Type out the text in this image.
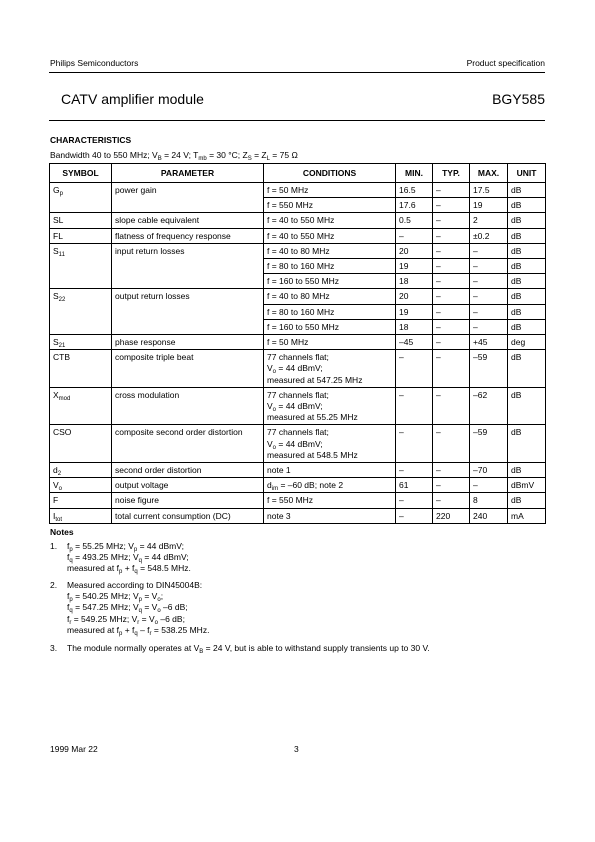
Philips Semiconductors	Product specification
CATV amplifier module	BGY585
CHARACTERISTICS
Bandwidth 40 to 550 MHz; $V_B = 24$ V; $T_{mb} = 30$ °C; $Z_S = Z_L = 75$ Ω
SYMBOL	PARAMETER	CONDITIONS	MIN.	TYP.	MAX.	UNIT
$G_p$	power gain	f = 50 MHz	16.5	–	17.5	dB
		f = 550 MHz	17.6	–	19	dB
SL	slope cable equivalent	f = 40 to 550 MHz	0.5	–	2	dB
FL	flatness of frequency response	f = 40 to 550 MHz	–	–	±0.2	dB
$S_{11}$	input return losses	f = 40 to 80 MHz	20	–	–	dB
		f = 80 to 160 MHz	19	–	–	dB
		f = 160 to 550 MHz	18	–	–	dB
$S_{22}$	output return losses	f = 40 to 80 MHz	20	–	–	dB
		f = 80 to 160 MHz	19	–	–	dB
		f = 160 to 550 MHz	18	–	–	dB
$S_{21}$	phase response	f = 50 MHz	–45	–	+45	deg
CTB	composite triple beat	77 channels flat;
$V_o = 44$ dBmV;
measured at 547.25 MHz	–	–	–59	dB
$X_{mod}$	cross modulation	77 channels flat;
$V_o = 44$ dBmV;
measured at 55.25 MHz	–	–	–62	dB
CSO	composite second order distortion	77 channels flat;
$V_o = 44$ dBmV;
measured at 548.5 MHz	–	–	–59	dB
$d_2$	second order distortion	note 1	–	–	–70	dB
$V_o$	output voltage	$d_{im} = -60$ dB; note 2	61	–	–	dBmV
F	noise figure	f = 550 MHz	–	–	8	dB
$I_{tot}$	total current consumption (DC)	note 3	–	220	240	mA
Notes
1. $f_p = 55.25$ MHz; $V_p = 44$ dBmV;
$f_q = 493.25$ MHz; $V_q = 44$ dBmV;
measured at $f_p + f_q = 548.5$ MHz.
2. Measured according to DIN45004B:
$f_p = 540.25$ MHz; $V_p = V_o$;
$f_q = 547.25$ MHz; $V_q = V_o$ –6 dB;
$f_r = 549.25$ MHz; $V_r = V_o$ –6 dB;
measured at $f_p + f_q - f_r = 538.25$ MHz.
3. The module normally operates at $V_B = 24$ V, but is able to withstand supply transients up to 30 V.
1999 Mar 22	3
